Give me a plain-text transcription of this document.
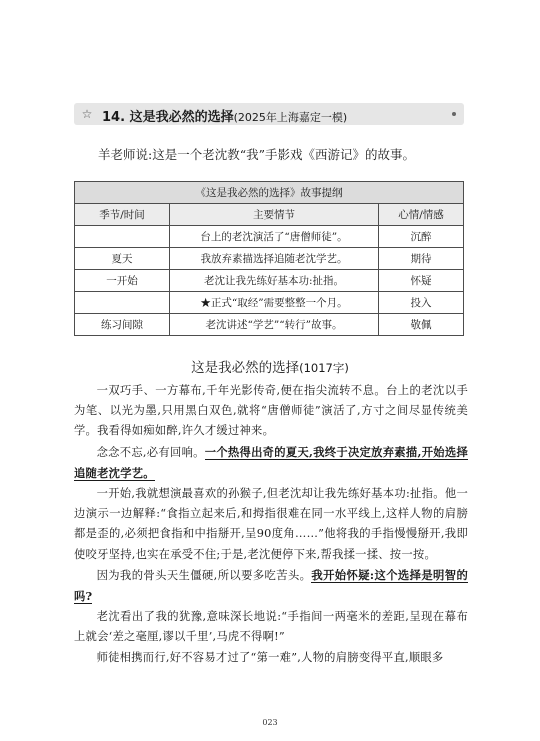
☆ 14. 这是我必然的选择(2025年上海嘉定一模)
羊老师说:这是一个老沈教“我”手影戏《西游记》的故事。
《这是我必然的选择》故事提纲		
季节/时间	主要情节	心情/情感
	台上的老沈演活了“唐僧师徒”。	沉醉
夏天	我放弃素描选择追随老沈学艺。	期待
一开始	老沈让我先练好基本功:扯指。	怀疑
	★正式“取经”需要整整一个月。	投入
练习间隙	老沈讲述“学艺”“转行”故事。	敬佩
这是我必然的选择(1017字)

一双巧手、一方幕布,千年光影传奇,便在指尖流转不息。台上的老沈以手为笔、以光为墨,只用黑白双色,就将“唐僧师徒”演活了,方寸之间尽显传统美学。我看得如痴如醉,许久才缓过神来。

念念不忘,必有回响。一个热得出奇的夏天,我终于决定放弃素描,开始选择追随老沈学艺。

一开始,我就想演最喜欢的孙猴子,但老沈却让我先练好基本功:扯指。他一边演示一边解释:“食指立起来后,和拇指很难在同一水平线上,这样人物的肩膀都是歪的,必须把食指和中指掰开,呈90度角……”他将我的手指慢慢掰开,我即使咬牙坚持,也实在承受不住;于是,老沈便停下来,帮我揉一揉、按一按。

因为我的骨头天生僵硬,所以要多吃苦头。我开始怀疑:这个选择是明智的吗?

老沈看出了我的犹豫,意味深长地说:“手指间一两毫米的差距,呈现在幕布上就会‘差之毫厘,谬以千里’,马虎不得啊!”

师徒相携而行,好不容易才过了“第一难”,人物的肩膀变得平直,顺眼多

023
